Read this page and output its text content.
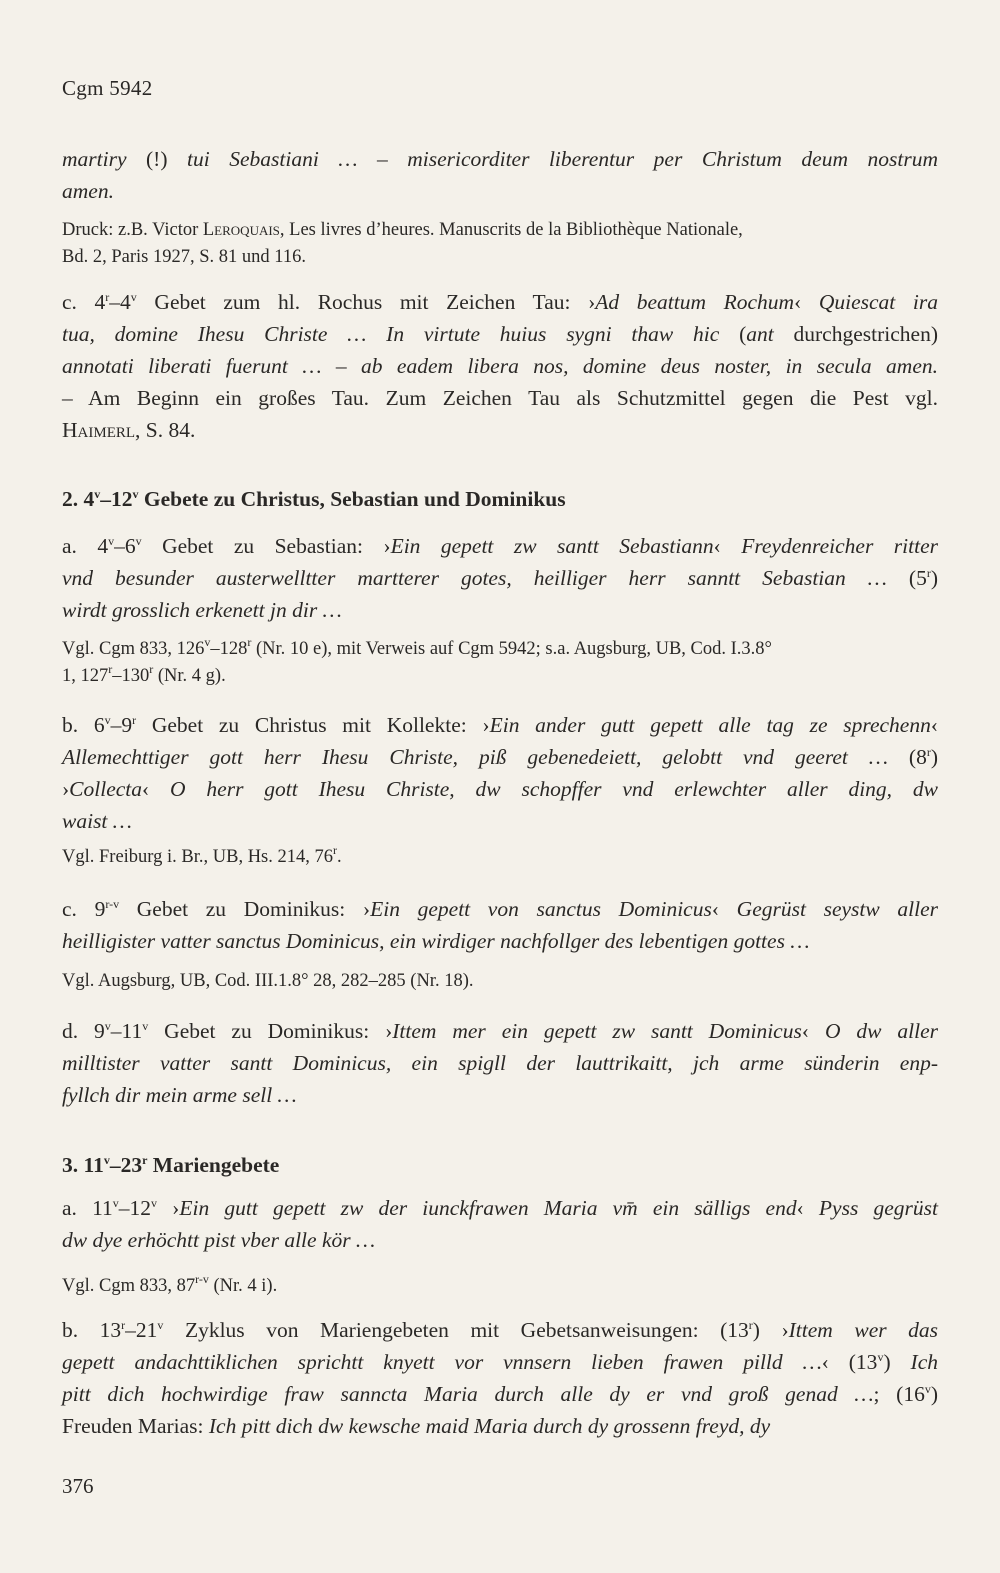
Cgm 5942

martiry (!) tui Sebastiani … – misericorditer liberentur per Christum deum nostrum

amen.

Druck: z.B. Victor Leroquais, Les livres d’heures. Manuscrits de la Bibliothèque Nationale,

Bd. 2, Paris 1927, S. 81 und 116.

c. 4$^r$–4$^v$ Gebet zum hl. Rochus mit Zeichen Tau: ›Ad beattum Rochum‹ Quiescat ira

tua, domine Ihesu Christe … In virtute huius sygni thaw hic (ant durchgestrichen)

annotati liberati fuerunt … – ab eadem libera nos, domine deus noster, in secula amen.

– Am Beginn ein großes Tau. Zum Zeichen Tau als Schutzmittel gegen die Pest vgl.

Haimerl, S. 84.

2. 4$^v$–12$^v$ Gebete zu Christus, Sebastian und Dominikus

a. 4$^v$–6$^v$ Gebet zu Sebastian: ›Ein gepett zw santt Sebastiann‹ Freydenreicher ritter

vnd besunder austerwelltter martterer gotes, heilliger herr sanntt Sebastian … (5$^r$)

wirdt grosslich erkenett jn dir …

Vgl. Cgm 833, 126$^v$–128$^r$ (Nr. 10 e), mit Verweis auf Cgm 5942; s.a. Augsburg, UB, Cod. I.3.8°

1, 127$^r$–130$^r$ (Nr. 4 g).

b. 6$^v$–9$^r$ Gebet zu Christus mit Kollekte: ›Ein ander gutt gepett alle tag ze sprechenn‹

Allemechttiger gott herr Ihesu Christe, piß gebenedeiett, gelobtt vnd geeret … (8$^r$)

›Collecta‹ O herr gott Ihesu Christe, dw schopffer vnd erlewchter aller ding, dw

waist …

Vgl. Freiburg i. Br., UB, Hs. 214, 76$^r$.

c. 9$^{r-v}$ Gebet zu Dominikus: ›Ein gepett von sanctus Dominicus‹ Gegrüst seystw aller

heilligister vatter sanctus Dominicus, ein wirdiger nachfollger des lebentigen gottes …

Vgl. Augsburg, UB, Cod. III.1.8° 28, 282–285 (Nr. 18).

d. 9$^v$–11$^v$ Gebet zu Dominikus: ›Ittem mer ein gepett zw santt Dominicus‹ O dw aller

milltister vatter santt Dominicus, ein spigll der lauttrikaitt, jch arme sünderin enp-

fyllch dir mein arme sell …

3. 11$^v$–23$^r$ Mariengebete

a. 11$^v$–12$^v$ ›Ein gutt gepett zw der iunckfrawen Maria vm̄ ein sälligs end‹ Pyss gegrüst

dw dye erhöchtt pist vber alle kör …

Vgl. Cgm 833, 87$^{r-v}$ (Nr. 4 i).

b. 13$^r$–21$^v$ Zyklus von Mariengebeten mit Gebetsanweisungen: (13$^r$) ›Ittem wer das

gepett andachttiklichen sprichtt knyett vor vnnsern lieben frawen pilld …‹ (13$^v$) Ich

pitt dich hochwirdige fraw sanncta Maria durch alle dy er vnd groß genad …; (16$^v$)

Freuden Marias: Ich pitt dich dw kewsche maid Maria durch dy grossenn freyd, dy

376
